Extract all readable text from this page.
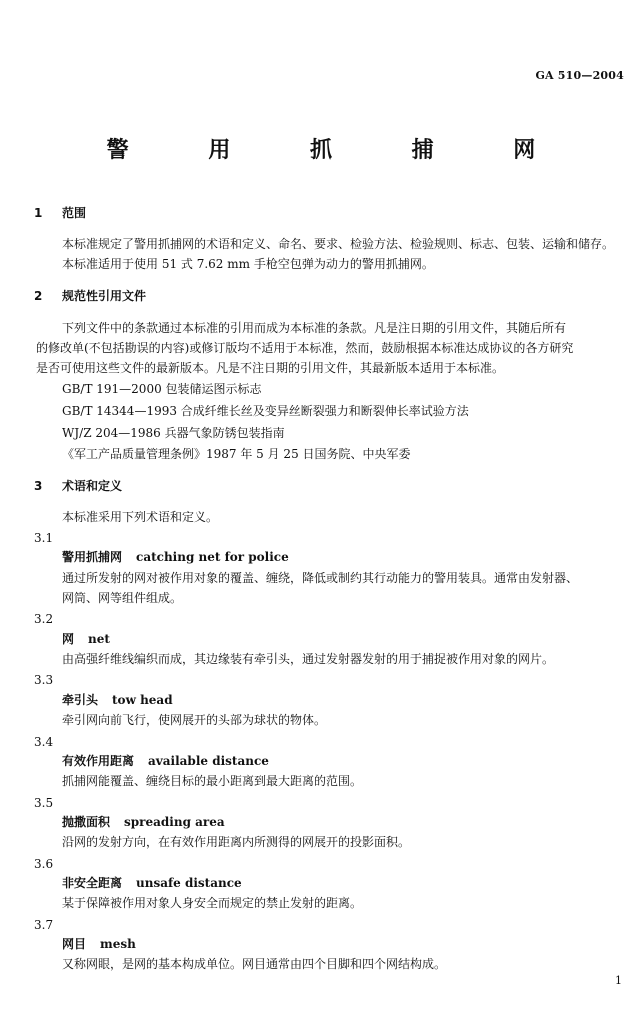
GA 510—2004
警 用 抓 捕 网
1 范围
本标准规定了警用抓捕网的术语和定义、命名、要求、检验方法、检验规则、标志、包装、运输和储存。
本标准适用于使用 51 式 7.62 mm 手枪空包弹为动力的警用抓捕网。
2 规范性引用文件
下列文件中的条款通过本标准的引用而成为本标准的条款。凡是注日期的引用文件，其随后所有
的修改单(不包括勘误的内容)或修订版均不适用于本标准，然而，鼓励根据本标准达成协议的各方研究
是否可使用这些文件的最新版本。凡是不注日期的引用文件，其最新版本适用于本标准。
GB/T 191—2000 包装储运图示标志
GB/T 14344—1993 合成纤维长丝及变异丝断裂强力和断裂伸长率试验方法
WJ/Z 204—1986 兵器气象防锈包装指南
《军工产品质量管理条例》1987 年 5 月 25 日国务院、中央军委
3 术语和定义
本标准采用下列术语和定义。
3.1
警用抓捕网 catching net for police
通过所发射的网对被作用对象的覆盖、缠绕，降低或制约其行动能力的警用装具。通常由发射器、
网筒、网等组件组成。
3.2
网 net
由高强纤维线编织而成，其边缘装有牵引头，通过发射器发射的用于捕捉被作用对象的网片。
3.3
牵引头 tow head
牵引网向前飞行，使网展开的头部为球状的物体。
3.4
有效作用距离 available distance
抓捕网能覆盖、缠绕目标的最小距离到最大距离的范围。
3.5
抛撒面积 spreading area
沿网的发射方向，在有效作用距离内所测得的网展开的投影面积。
3.6
非安全距离 unsafe distance
某于保障被作用对象人身安全而规定的禁止发射的距离。
3.7
网目 mesh
又称网眼，是网的基本构成单位。网目通常由四个目脚和四个网结构成。
1
